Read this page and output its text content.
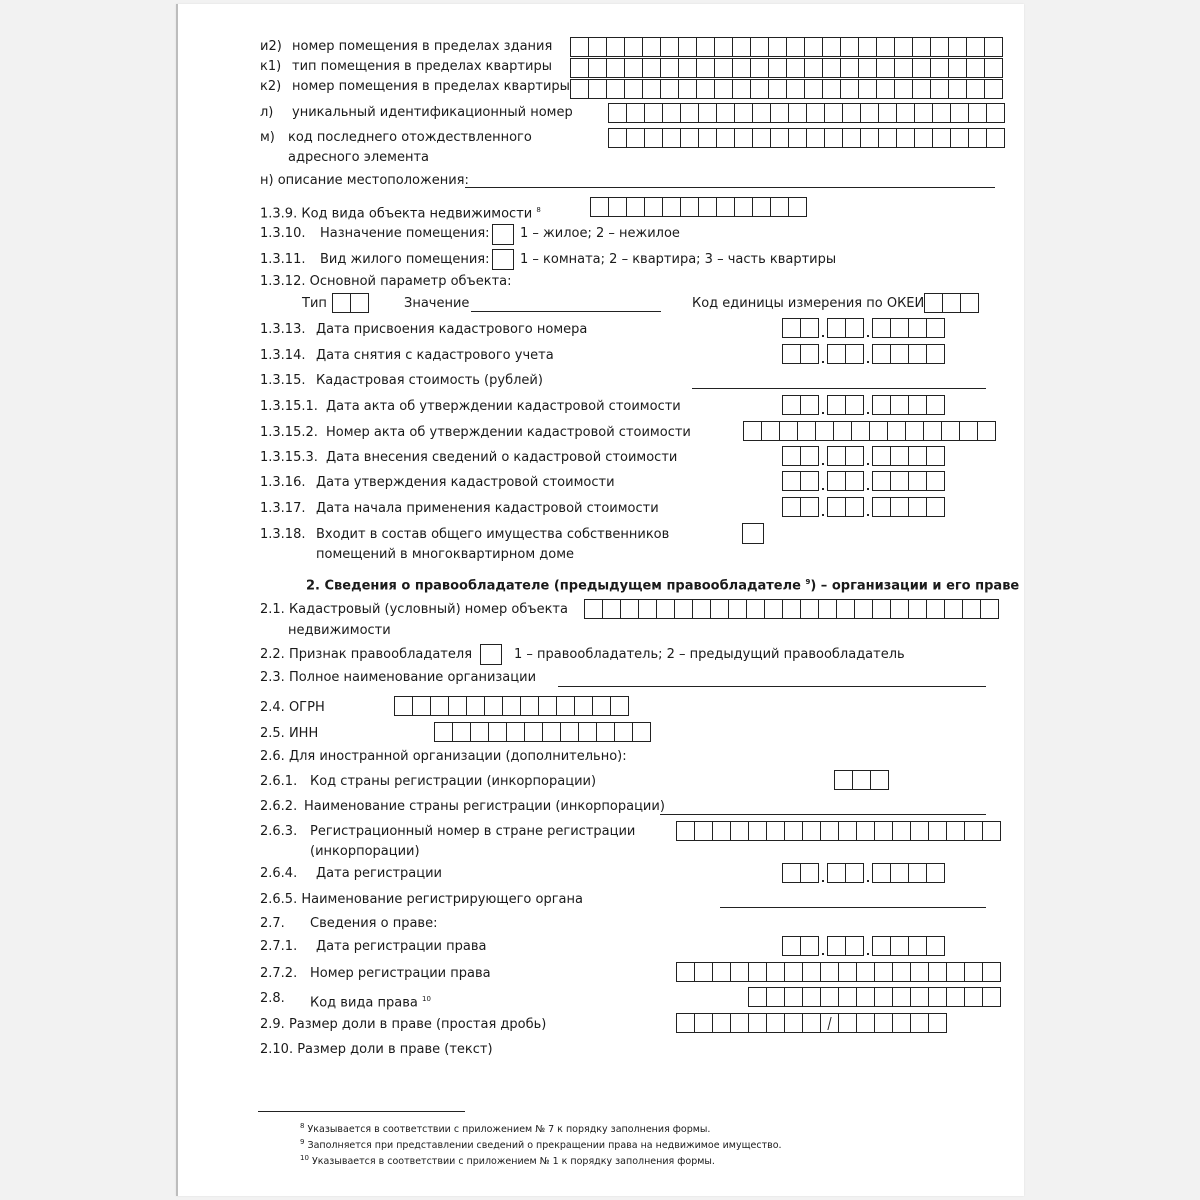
и2) номер помещения в пределах здания
к1) тип помещения в пределах квартиры
к2) номер помещения в пределах квартиры
л) уникальный идентификационный номер
м) код последнего отождествленного
адресного элемента
н) описание местоположения:
1.3.9. Код вида объекта недвижимости $^8$
1.3.10. Назначение помещения: 1 – жилое; 2 – нежилое
1.3.11. Вид жилого помещения: 1 – комната; 2 – квартира; 3 – часть квартиры
1.3.12. Основной параметр объекта:
Тип	Значение	Код единицы измерения по ОКЕИ
1.3.13. Дата присвоения кадастрового номера
1.3.14. Дата снятия с кадастрового учета
1.3.15. Кадастровая стоимость (рублей)
1.3.15.1. Дата акта об утверждении кадастровой стоимости
1.3.15.2. Номер акта об утверждении кадастровой стоимости
1.3.15.3. Дата внесения сведений о кадастровой стоимости
1.3.16. Дата утверждения кадастровой стоимости
1.3.17. Дата начала применения кадастровой стоимости
1.3.18. Входит в состав общего имущества собственников
помещений в многоквартирном доме
2. Сведения о правообладателе (предыдущем правообладателе $^9$) – организации и его праве
2.1. Кадастровый (условный) номер объекта
недвижимости
2.2. Признак правообладателя	1 – правообладатель; 2 – предыдущий правообладатель
2.3. Полное наименование организации
2.4. ОГРН
2.5. ИНН
2.6. Для иностранной организации (дополнительно):
2.6.1. Код страны регистрации (инкорпорации)
2.6.2. Наименование страны регистрации (инкорпорации)
2.6.3. Регистрационный номер в стране регистрации
(инкорпорации)
2.6.4. Дата регистрации
2.6.5. Наименование регистрирующего органа
2.7. Сведения о праве:
2.7.1. Дата регистрации права
2.7.2. Номер регистрации права
2.8. Код вида права $^{10}$
2.9. Размер доли в праве (простая дробь)
2.10. Размер доли в праве (текст)
$^8$ Указывается в соответствии с приложением № 7 к порядку заполнения формы.
$^9$ Заполняется при представлении сведений о прекращении права на недвижимое имущество.
$^{10}$ Указывается в соответствии с приложением № 1 к порядку заполнения формы.
